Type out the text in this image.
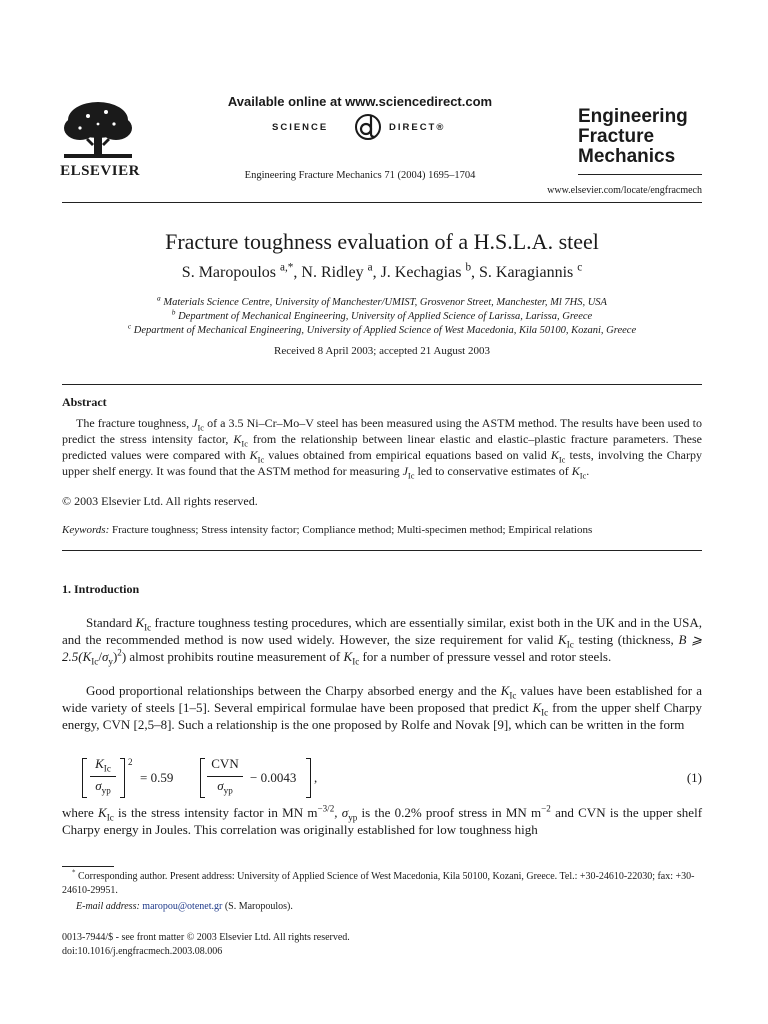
ELSEVIER
Available online at www.sciencedirect.com
SCIENCE	DIRECT®
Engineering Fracture Mechanics 71 (2004) 1695–1704
Engineering
Fracture
Mechanics
www.elsevier.com/locate/engfracmech
Fracture toughness evaluation of a H.S.L.A. steel
S. Maropoulos $^{a,*}$, N. Ridley $^a$, J. Kechagias $^b$, S. Karagiannis $^c$
$^a$ Materials Science Centre, University of Manchester/UMIST, Grosvenor Street, Manchester, Ml 7HS, USA
$^b$ Department of Mechanical Engineering, University of Applied Science of Larissa, Larissa, Greece
$^c$ Department of Mechanical Engineering, University of Applied Science of West Macedonia, Kila 50100, Kozani, Greece
Received 8 April 2003; accepted 21 August 2003
Abstract

The fracture toughness, $J_{Ic}$ of a 3.5 Ni–Cr–Mo–V steel has been measured using the ASTM method. The results have been used to predict the stress intensity factor, $K_{Ic}$ from the relationship between linear elastic and elastic–plastic fracture parameters. These predicted values were compared with $K_{Ic}$ values obtained from empirical equations based on valid $K_{Ic}$ tests, involving the Charpy upper shelf energy. It was found that the ASTM method for measuring $J_{Ic}$ led to conservative estimates of $K_{Ic}$.

© 2003 Elsevier Ltd. All rights reserved.
Keywords: Fracture toughness; Stress intensity factor; Compliance method; Multi-specimen method; Empirical relations
1. Introduction

Standard $K_{Ic}$ fracture toughness testing procedures, which are essentially similar, exist both in the UK and in the USA, and the recommended method is now used widely. However, the size requirement for valid $K_{Ic}$ testing (thickness, B ⩾ $2.5(K_{Ic}/\sigma_y)^2$) almost prohibits routine measurement of $K_{Ic}$ for a number of pressure vessel and rotor steels.

Good proportional relationships between the Charpy absorbed energy and the $K_{Ic}$ values have been established for a wide variety of steels [1–5]. Several empirical formulae have been proposed that predict $K_{Ic}$ from the upper shelf Charpy energy, CVN [2,5–8]. Such a relationship is the one proposed by Rolfe and Novak [9], which can be written in the form

$K_{Ic}$
$\sigma_{yp}$
2
= 0.59
CVN
$\sigma_{yp}$
− 0.0043 ,	(1)

where $K_{Ic}$ is the stress intensity factor in MN $m^{-3/2}$, $\sigma_{yp}$ is the 0.2% proof stress in MN $m^{-2}$ and CVN is the upper shelf Charpy energy in Joules. This correlation was originally established for low toughness high

* Corresponding author. Present address: University of Applied Science of West Macedonia, Kila 50100, Kozani, Greece. Tel.: +30-24610-22030; fax: +30-24610-29951.

E-mail address: maropou@otenet.gr (S. Maropoulos).
0013-7944/$ - see front matter © 2003 Elsevier Ltd. All rights reserved.
doi:10.1016/j.engfracmech.2003.08.006
